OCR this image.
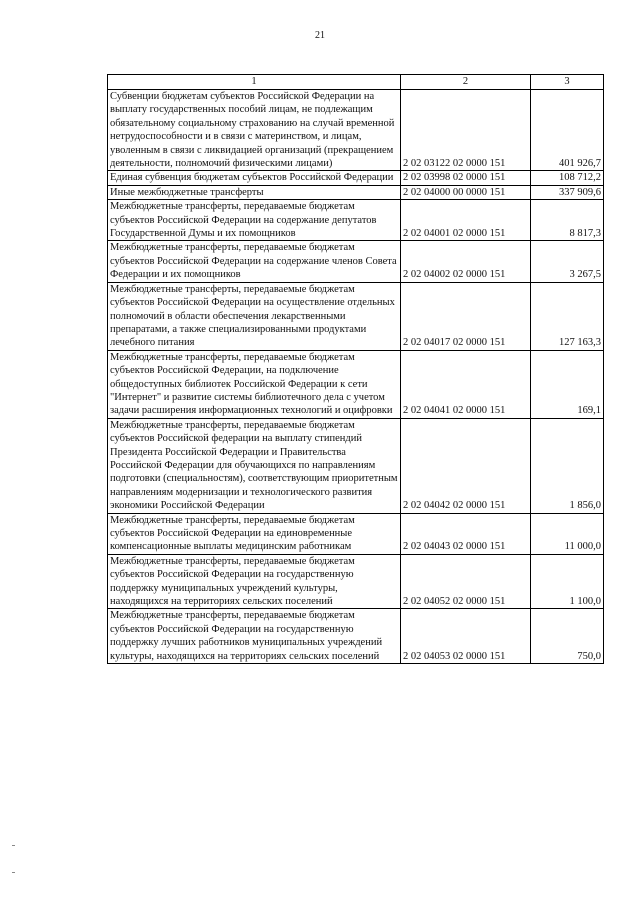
21
1	2	3
Субвенции бюджетам субъектов Российской Федерации на выплату государственных пособий лицам, не подлежащим обязательному социальному страхованию на случай временной нетрудоспособности и в связи с материнством, и лицам, уволенным в связи с ликвидацией организаций (прекращением деятельности, полномочий физическими лицами)	2 02 03122 02 0000 151	401 926,7
Единая субвенция бюджетам субъектов Российской Федерации	2 02 03998 02 0000 151	108 712,2
Иные межбюджетные трансферты	2 02 04000 00 0000 151	337 909,6
Межбюджетные трансферты, передаваемые бюджетам субъектов Российской Федерации на содержание депутатов Государственной Думы и их помощников	2 02 04001 02 0000 151	8 817,3
Межбюджетные трансферты, передаваемые бюджетам субъектов Российской Федерации на содержание членов Совета Федерации и их помощников	2 02 04002 02 0000 151	3 267,5
Межбюджетные трансферты, передаваемые бюджетам субъектов Российской Федерации на осуществление отдельных полномочий в области обеспечения лекарственными препаратами, а также специализированными продуктами лечебного питания	2 02 04017 02 0000 151	127 163,3
Межбюджетные трансферты, передаваемые бюджетам субъектов Российской Федерации, на подключение общедоступных библиотек Российской Федерации к сети "Интернет" и развитие системы библиотечного дела с учетом задачи расширения информационных технологий и оцифровки	2 02 04041 02 0000 151	169,1
Межбюджетные трансферты, передаваемые бюджетам субъектов Российской федерации на выплату стипендий Президента Российской Федерации и Правительства Российской Федерации для обучающихся по направлениям подготовки (специальностям), соответствующим приоритетным направлениям модернизации и технологического развития экономики Российской Федерации	2 02 04042 02 0000 151	1 856,0
Межбюджетные трансферты, передаваемые бюджетам субъектов Российской Федерации на единовременные компенсационные выплаты медицинским работникам	2 02 04043 02 0000 151	11 000,0
Межбюджетные трансферты, передаваемые бюджетам субъектов Российской Федерации на государственную поддержку муниципальных учреждений культуры, находящихся на территориях сельских поселений	2 02 04052 02 0000 151	1 100,0
Межбюджетные трансферты, передаваемые бюджетам субъектов Российской Федерации на государственную поддержку лучших работников муниципальных учреждений культуры, находящихся на территориях сельских поселений	2 02 04053 02 0000 151	750,0
